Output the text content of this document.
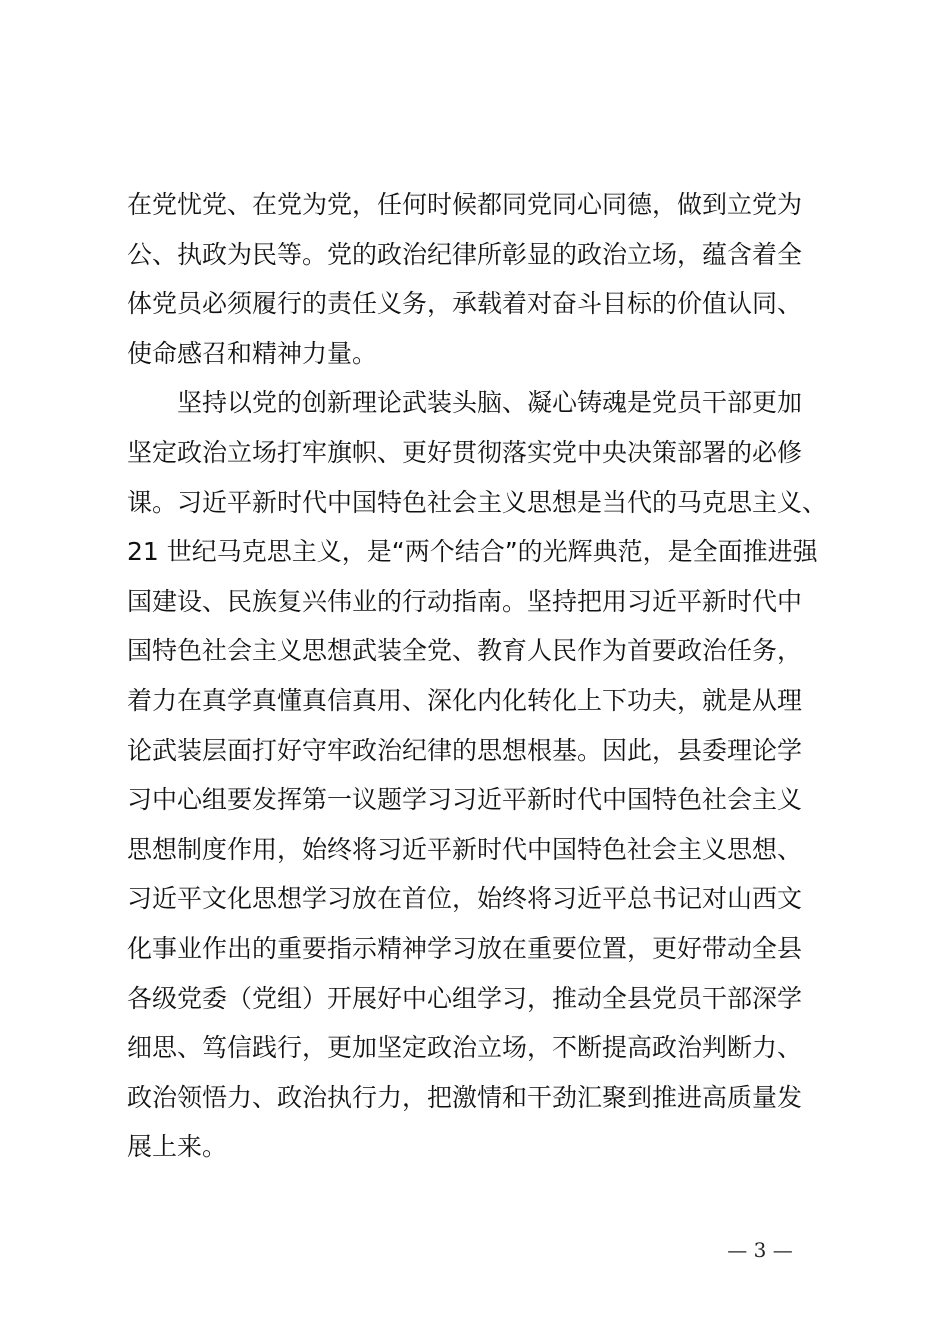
在党忧党、在党为党，任何时候都同党同心同德，做到立党为
公、执政为民等。党的政治纪律所彰显的政治立场，蕴含着全
体党员必须履行的责任义务，承载着对奋斗目标的价值认同、
使命感召和精神力量。
坚持以党的创新理论武装头脑、凝心铸魂是党员干部更加
坚定政治立场打牢旗帜、更好贯彻落实党中央决策部署的必修
课。习近平新时代中国特色社会主义思想是当代的马克思主义、
21 世纪马克思主义，是“两个结合”的光辉典范，是全面推进强
国建设、民族复兴伟业的行动指南。坚持把用习近平新时代中
国特色社会主义思想武装全党、教育人民作为首要政治任务，
着力在真学真懂真信真用、深化内化转化上下功夫，就是从理
论武装层面打好守牢政治纪律的思想根基。因此，县委理论学
习中心组要发挥第一议题学习习近平新时代中国特色社会主义
思想制度作用，始终将习近平新时代中国特色社会主义思想、
习近平文化思想学习放在首位，始终将习近平总书记对山西文
化事业作出的重要指示精神学习放在重要位置，更好带动全县
各级党委（党组）开展好中心组学习，推动全县党员干部深学
细思、笃信践行，更加坚定政治立场，不断提高政治判断力、
政治领悟力、政治执行力，把激情和干劲汇聚到推进高质量发
展上来。
— 3 —
